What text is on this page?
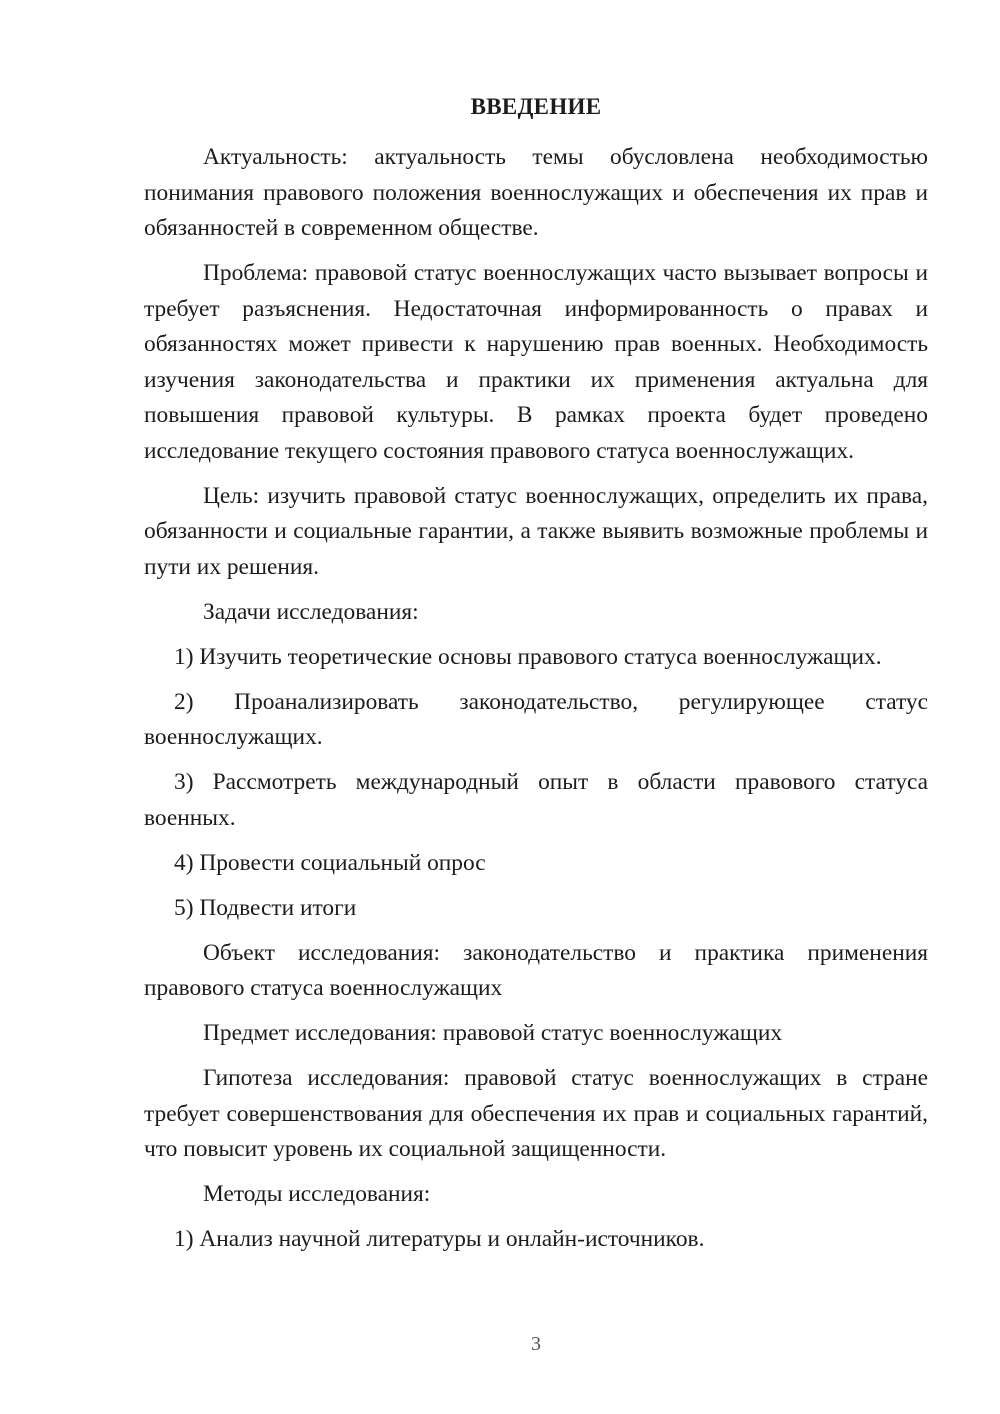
ВВЕДЕНИЕ

Актуальность: актуальность темы обусловлена необходимостью понимания правового положения военнослужащих и обеспечения их прав и обязанностей в современном обществе.

Проблема: правовой статус военнослужащих часто вызывает вопросы и требует разъяснения. Недостаточная информированность о правах и обязанностях может привести к нарушению прав военных. Необходимость изучения законодательства и практики их применения актуальна для повышения правовой культуры. В рамках проекта будет проведено исследование текущего состояния правового статуса военнослужащих.

Цель: изучить правовой статус военнослужащих, определить их права, обязанности и социальные гарантии, а также выявить возможные проблемы и пути их решения.

Задачи исследования:

1) Изучить теоретические основы правового статуса военнослужащих.

2) Проанализировать законодательство, регулирующее статус военнослужащих.

3) Рассмотреть международный опыт в области правового статуса военных.

4) Провести социальный опрос

5) Подвести итоги

Объект исследования: законодательство и практика применения правового статуса военнослужащих

Предмет исследования: правовой статус военнослужащих

Гипотеза исследования: правовой статус военнослужащих в стране требует совершенствования для обеспечения их прав и социальных гарантий, что повысит уровень их социальной защищенности.

Методы исследования:

1) Анализ научной литературы и онлайн-источников.

3
